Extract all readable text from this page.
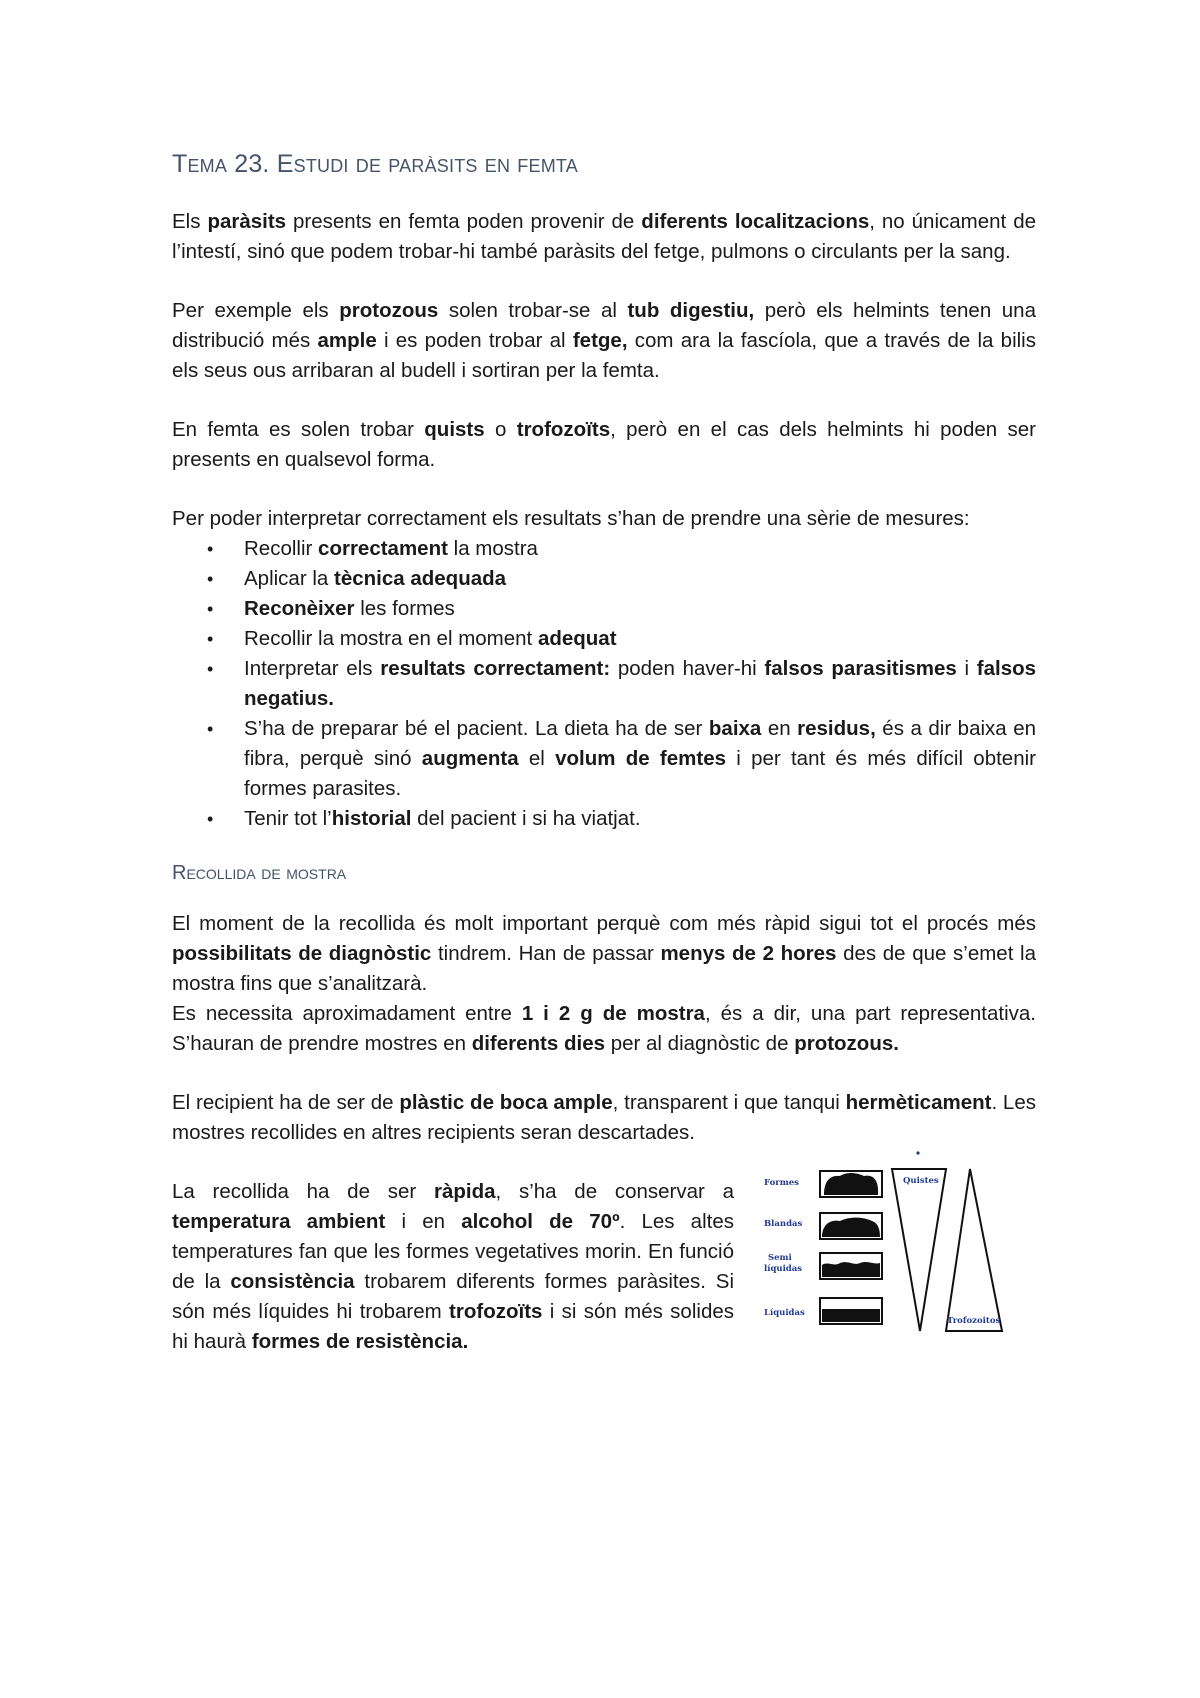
Tema 23. Estudi de paràsits en femta

Els paràsits presents en femta poden provenir de diferents localitzacions, no únicament de l’intestí, sinó que podem trobar-hi també paràsits del fetge, pulmons o circulants per la sang.

Per exemple els protozous solen trobar-se al tub digestiu, però els helmints tenen una distribució més ample i es poden trobar al fetge, com ara la fascíola, que a través de la bilis els seus ous arribaran al budell i sortiran per la femta.

En femta es solen trobar quists o trofozoïts, però en el cas dels helmints hi poden ser presents en qualsevol forma.

Per poder interpretar correctament els resultats s’han de prendre una sèrie de mesures:

• Recollir correctament la mostra
• Aplicar la tècnica adequada
• Reconèixer les formes
• Recollir la mostra en el moment adequat
• Interpretar els resultats correctament: poden haver-hi falsos parasitismes i falsos negatius.
• S’ha de preparar bé el pacient. La dieta ha de ser baixa en residus, és a dir baixa en fibra, perquè sinó augmenta el volum de femtes i per tant és més difícil obtenir formes parasites.
• Tenir tot l’historial del pacient i si ha viatjat.
Recollida de mostra

El moment de la recollida és molt important perquè com més ràpid sigui tot el procés més possibilitats de diagnòstic tindrem. Han de passar menys de 2 hores des de que s’emet la mostra fins que s’analitzarà.

Es necessita aproximadament entre 1 i 2 g de mostra, és a dir, una part representativa. S’hauran de prendre mostres en diferents dies per al diagnòstic de protozous.

El recipient ha de ser de plàstic de boca ample, transparent i que tanqui hermèticament. Les mostres recollides en altres recipients seran descartades.

La recollida ha de ser ràpida, s’ha de conservar a temperatura ambient i en alcohol de 70º. Les altes temperatures fan que les formes vegetatives morin. En funció de la consistència trobarem diferents formes paràsites. Si són més líquides hi trobarem trofozoïts i si són més solides hi haurà formes de resistència.

Formes
Blandas
Semi
líquidas
Líquidas
Quistes
Trofozoitos
